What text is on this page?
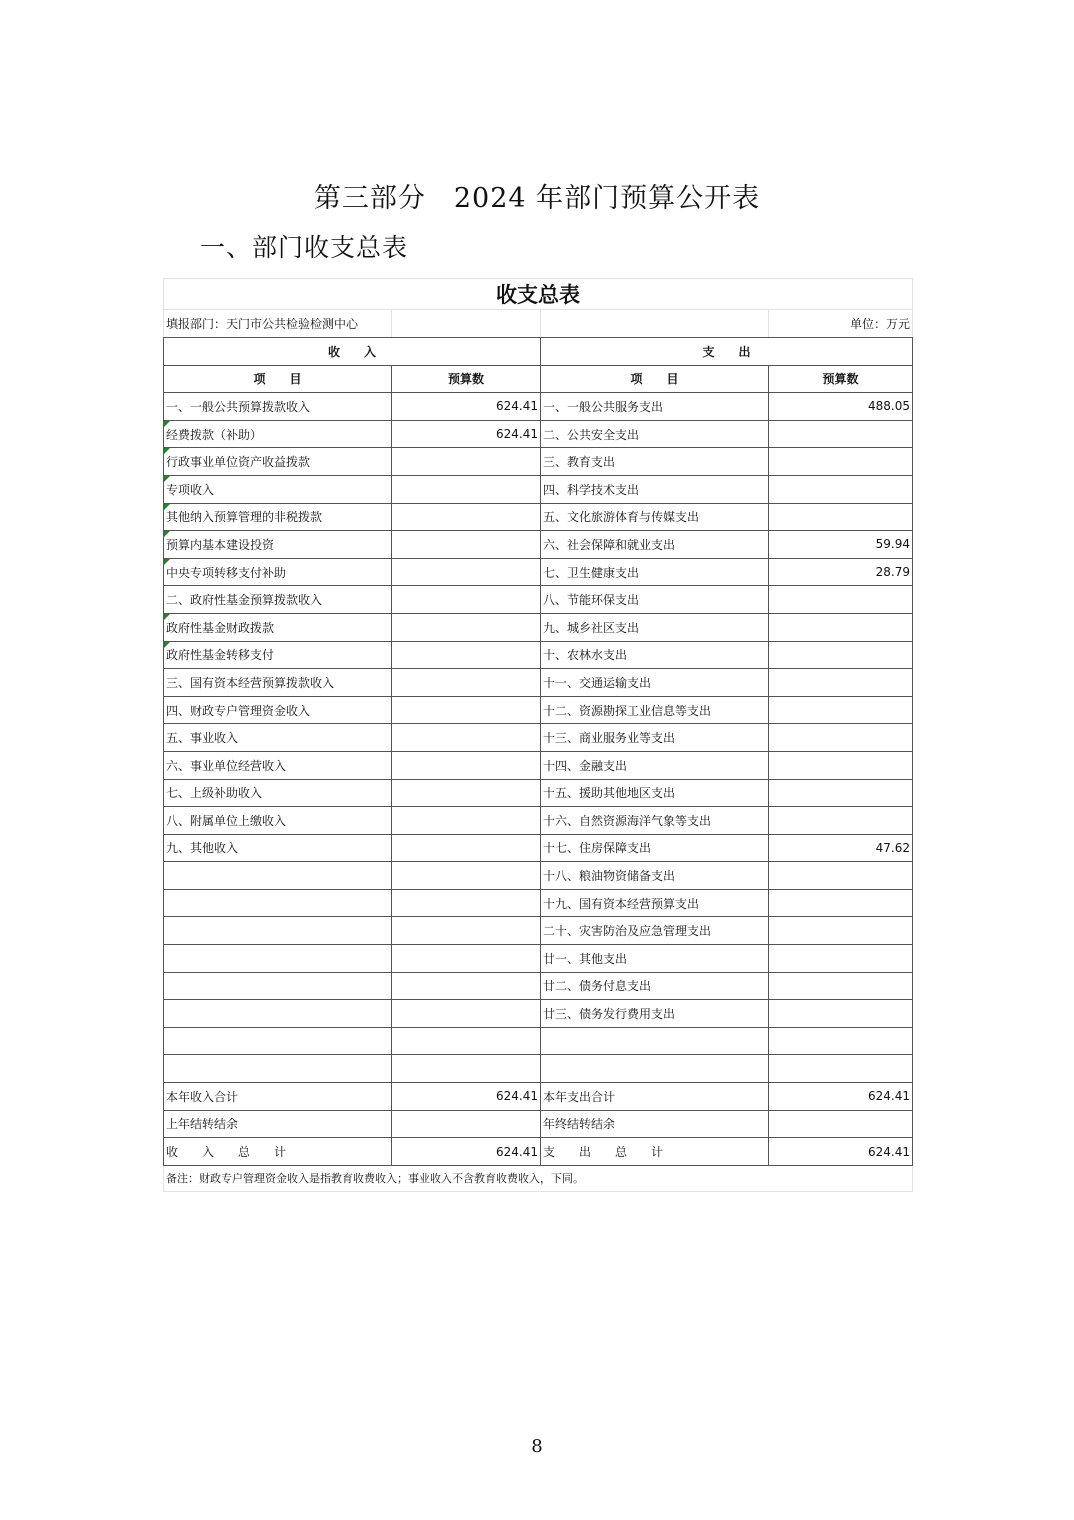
第三部分　2024 年部门预算公开表
一、部门收支总表
收支总表			
填报部门：天门市公共检验检测中心			单位：万元
收　　入		支　　出	
项　　目	预算数	项　　目	预算数
一、一般公共预算拨款收入	624.41	一、一般公共服务支出	488.05
经费拨款（补助）	624.41	二、公共安全支出	
行政事业单位资产收益拨款		三、教育支出	
专项收入		四、科学技术支出	
其他纳入预算管理的非税拨款		五、文化旅游体育与传媒支出	
预算内基本建设投资		六、社会保障和就业支出	59.94
中央专项转移支付补助		七、卫生健康支出	28.79
二、政府性基金预算拨款收入		八、节能环保支出	
政府性基金财政拨款		九、城乡社区支出	
政府性基金转移支付		十、农林水支出	
三、国有资本经营预算拨款收入		十一、交通运输支出	
四、财政专户管理资金收入		十二、资源勘探工业信息等支出	
五、事业收入		十三、商业服务业等支出	
六、事业单位经营收入		十四、金融支出	
七、上级补助收入		十五、援助其他地区支出	
八、附属单位上缴收入		十六、自然资源海洋气象等支出	
九、其他收入		十七、住房保障支出	47.62
		十八、粮油物资储备支出	
		十九、国有资本经营预算支出	
		二十、灾害防治及应急管理支出	
		廿一、其他支出	
		廿二、债务付息支出	
		廿三、债务发行费用支出	

本年收入合计	624.41	本年支出合计	624.41
上年结转结余		年终结转结余	
收　　入　　总　　计	624.41	支　　出　　总　　计	624.41
备注：财政专户管理资金收入是指教育收费收入；事业收入不含教育收费收入，下同。			
8
